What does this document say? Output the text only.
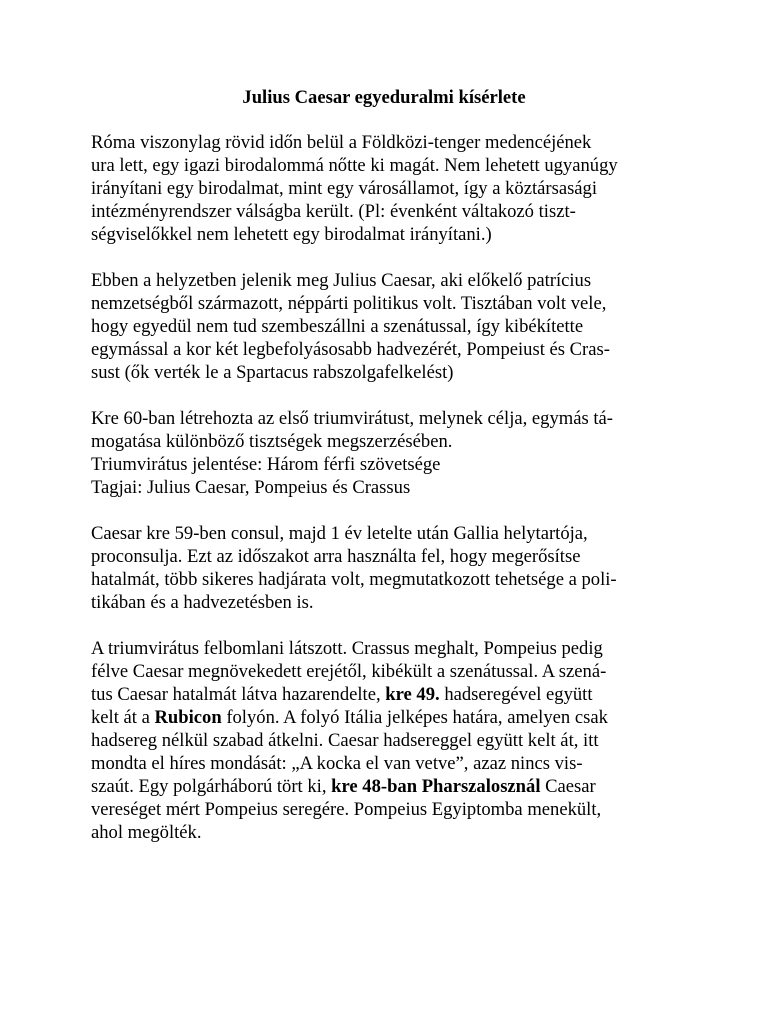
Julius Caesar egyeduralmi kísérlete
Róma viszonylag rövid időn belül a Földközi-tenger medencéjének
ura lett, egy igazi birodalommá nőtte ki magát. Nem lehetett ugyanúgy
irányítani egy birodalmat, mint egy városállamot, így a köztársasági
intézményrendszer válságba került. (Pl: évenként váltakozó tiszt-
ségviselőkkel nem lehetett egy birodalmat irányítani.)
Ebben a helyzetben jelenik meg Julius Caesar, aki előkelő patrícius
nemzetségből származott, néppárti politikus volt. Tisztában volt vele,
hogy egyedül nem tud szembeszállni a szenátussal, így kibékítette
egymással a kor két legbefolyásosabb hadvezérét, Pompeiust és Cras-
sust (ők verték le a Spartacus rabszolgafelkelést)
Kre 60-ban létrehozta az első triumvirátust, melynek célja, egymás tá-
mogatása különböző tisztségek megszerzésében.
Triumvirátus jelentése: Három férfi szövetsége
Tagjai: Julius Caesar, Pompeius és Crassus
Caesar kre 59-ben consul, majd 1 év letelte után Gallia helytartója,
proconsulja. Ezt az időszakot arra használta fel, hogy megerősítse
hatalmát, több sikeres hadjárata volt, megmutatkozott tehetsége a poli-
tikában és a hadvezetésben is.
A triumvirátus felbomlani látszott. Crassus meghalt, Pompeius pedig
félve Caesar megnövekedett erejétől, kibékült a szenátussal. A szená-
tus Caesar hatalmát látva hazarendelte, kre 49. hadseregével együtt
kelt át a Rubicon folyón. A folyó Itália jelképes határa, amelyen csak
hadsereg nélkül szabad átkelni. Caesar hadsereggel együtt kelt át, itt
mondta el híres mondását: „A kocka el van vetve”, azaz nincs vis-
szaút. Egy polgárháború tört ki, kre 48-ban Pharszalosznál Caesar
vereséget mért Pompeius seregére. Pompeius Egyiptomba menekült,
ahol megölték.
